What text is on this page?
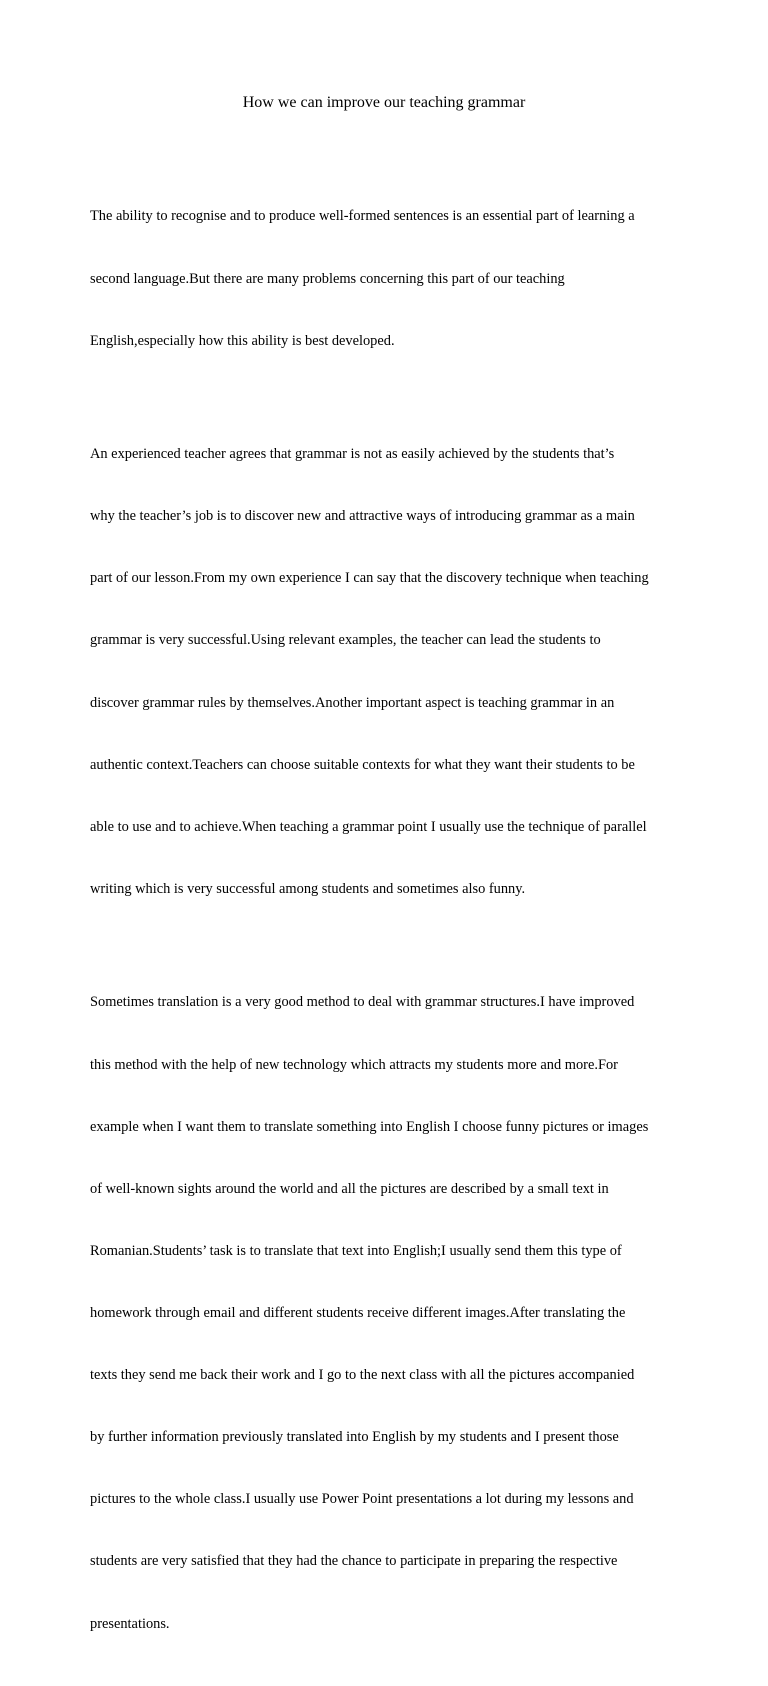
How we can improve our teaching grammar

The ability to recognise and to produce well-formed sentences is an essential part of learning a

second language.But there are many problems concerning this part of our teaching

English,especially how this ability is best developed.

An experienced teacher agrees that grammar is not as easily achieved by the students that’s

why the teacher’s job is to discover new and attractive ways of introducing grammar as a main

part of our lesson.From my own experience I can say that the discovery technique when teaching

grammar is very successful.Using relevant examples, the teacher can lead the students to

discover grammar rules by themselves.Another important aspect is teaching grammar in an

authentic context.Teachers can choose suitable contexts for what they want their students to be

able to use and to achieve.When teaching a grammar point I usually use the technique of parallel

writing which is very successful among students and sometimes also funny.

Sometimes translation is a very good method to deal with grammar structures.I have improved

this method with the help of new technology which attracts my students more and more.For

example when I want them to translate something into English I choose funny pictures or images

of well-known sights around the world and all the pictures are described by a small text in

Romanian.Students’ task is to translate that text into English;I usually send them this type of

homework through email and different students receive different images.After translating the

texts they send me back their work and I go to the next class with all the pictures accompanied

by further information previously translated into English by my students and I present those

pictures to the whole class.I usually use Power Point presentations a lot during my lessons and

students are very satisfied that they had the chance to participate in preparing the respective

presentations.
